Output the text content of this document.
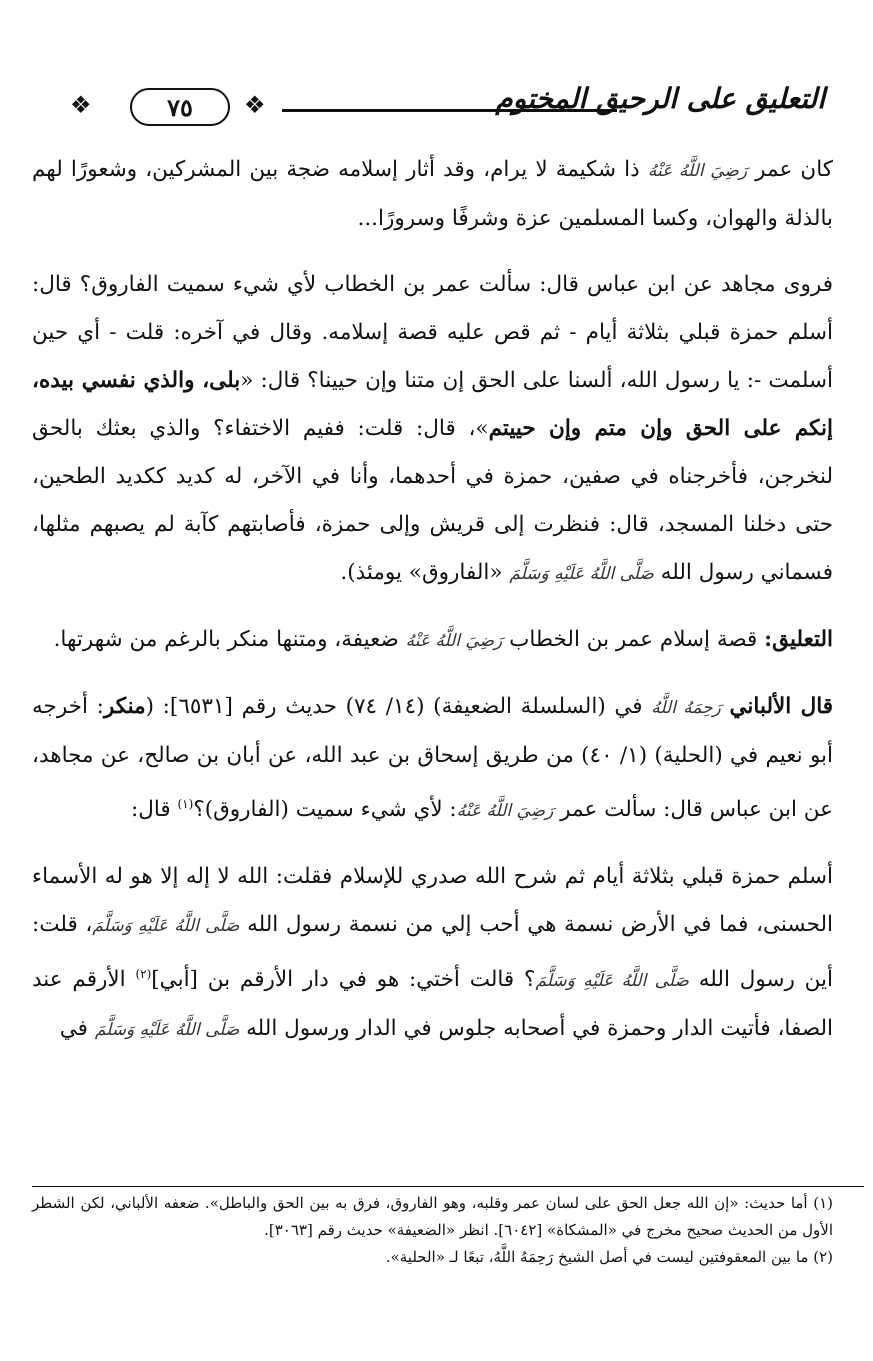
❖	٧٥ ❖	التعليق على الرحيق المختوم

كان عمر رَضِيَ اللَّهُ عَنْهُ ذا شكيمة لا يرام، وقد أثار إسلامه ضجة بين المشركين، وشعورًا لهم بالذلة والهوان، وكسا المسلمين عزة وشرفًا وسرورًا...

فروى مجاهد عن ابن عباس قال: سألت عمر بن الخطاب لأي شيء سميت الفاروق؟ قال: أسلم حمزة قبلي بثلاثة أيام - ثم قص عليه قصة إسلامه. وقال في آخره: قلت - أي حين أسلمت -: يا رسول الله، ألسنا على الحق إن متنا وإن حيينا؟ قال: «بلى، والذي نفسي بيده، إنكم على الحق وإن متم وإن حييتم»، قال: قلت: ففيم الاختفاء؟ والذي بعثك بالحق لنخرجن، فأخرجناه في صفين، حمزة في أحدهما، وأنا في الآخر، له كديد ككديد الطحين، حتى دخلنا المسجد، قال: فنظرت إلى قريش وإلى حمزة، فأصابتهم كآبة لم يصبهم مثلها، فسماني رسول الله صَلَّى اللَّهُ عَلَيْهِ وَسَلَّمَ «الفاروق» يومئذ).

التعليق: قصة إسلام عمر بن الخطاب رَضِيَ اللَّهُ عَنْهُ ضعيفة، ومتنها منكر بالرغم من شهرتها.

قال الألباني رَحِمَهُ اللَّهُ في (السلسلة الضعيفة) (١٤/ ٧٤) حديث رقم [٦٥٣١]: (منكر: أخرجه أبو نعيم في (الحلية) (١/ ٤٠) من طريق إسحاق بن عبد الله، عن أبان بن صالح، عن مجاهد، عن ابن عباس قال: سألت عمر رَضِيَ اللَّهُ عَنْهُ: لأي شيء سميت (الفاروق)؟$^{(١)}$ قال:

أسلم حمزة قبلي بثلاثة أيام ثم شرح الله صدري للإسلام فقلت: الله لا إله إلا هو له الأسماء الحسنى، فما في الأرض نسمة هي أحب إلي من نسمة رسول الله صَلَّى اللَّهُ عَلَيْهِ وَسَلَّمَ، قلت: أين رسول الله صَلَّى اللَّهُ عَلَيْهِ وَسَلَّمَ؟ قالت أختي: هو في دار الأرقم بن [أبي]$^{(٢)}$ الأرقم عند الصفا، فأتيت الدار وحمزة في أصحابه جلوس في الدار ورسول الله صَلَّى اللَّهُ عَلَيْهِ وَسَلَّمَ في

(١) أما حديث: «إن الله جعل الحق على لسان عمر وقلبه، وهو الفاروق، فرق به بين الحق والباطل». ضعفه الألباني، لكن الشطر الأول من الحديث صحيح مخرج في «المشكاة» [٦٠٤٢]. انظر «الضعيفة» حديث رقم [٣٠٦٣].

(٢) ما بين المعقوفتين ليست في أصل الشيخ رَحِمَهُ اللَّهُ، تبعًا لـ «الحلية».
